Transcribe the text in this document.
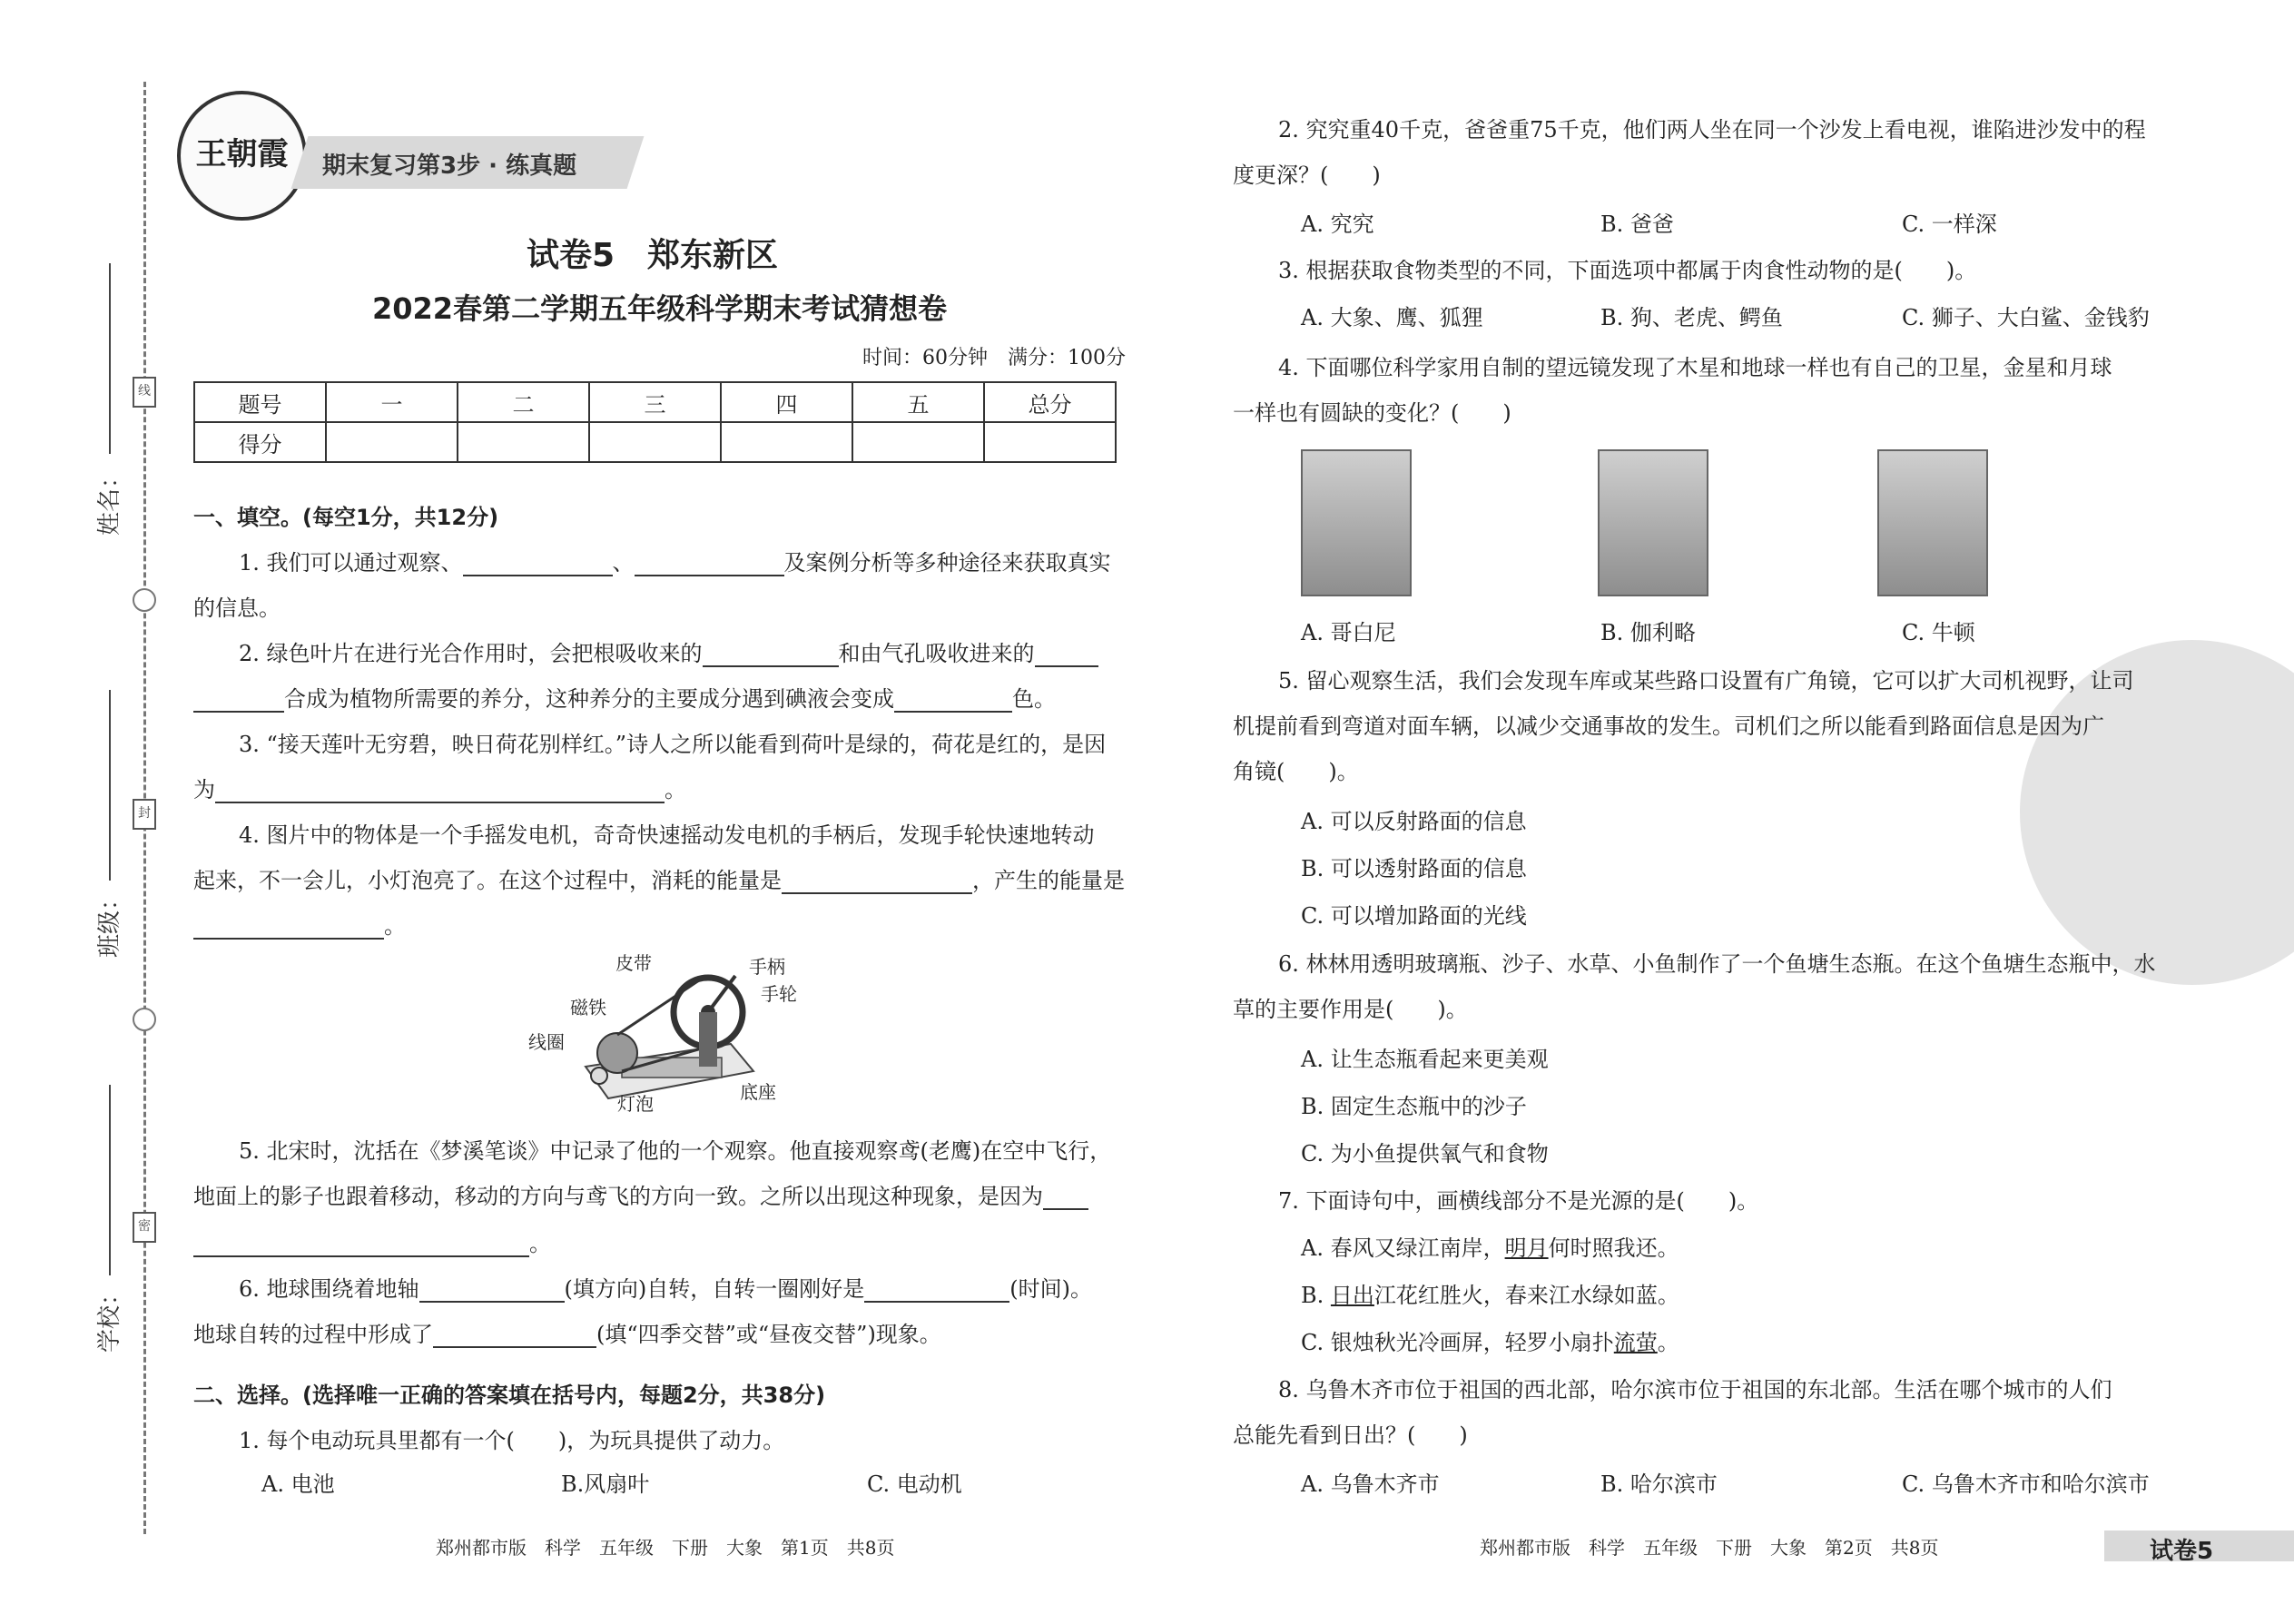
线
封
密
姓名：
班级：
学校：
王朝霞	期末复习第3步 · 练真题
试卷5　郑东新区
2022春第二学期五年级科学期末考试猜想卷
时间：60分钟　满分：100分
题号	一	二	三	四	五	总分
得分						
一、填空。(每空1分，共12分)
1. 我们可以通过观察、	、	及案例分析等多种途径来获取真实
的信息。
2. 绿色叶片在进行光合作用时，会把根吸收来的	和由气孔吸收进来的
合成为植物所需要的养分，这种养分的主要成分遇到碘液会变成	色。
3. “接天莲叶无穷碧，映日荷花别样红。”诗人之所以能看到荷叶是绿的，荷花是红的，是因
为	。
4. 图片中的物体是一个手摇发电机，奇奇快速摇动发电机的手柄后，发现手轮快速地转动
起来，不一会儿，小灯泡亮了。在这个过程中，消耗的能量是	，产生的能量是
。
皮带	手柄
手轮
磁铁
线圈
底座
灯泡
5. 北宋时，沈括在《梦溪笔谈》中记录了他的一个观察。他直接观察鸢(老鹰)在空中飞行，
地面上的影子也跟着移动，移动的方向与鸢飞的方向一致。之所以出现这种现象，是因为
。
6. 地球围绕着地轴	(填方向)自转，自转一圈刚好是	(时间)。
地球自转的过程中形成了	(填“四季交替”或“昼夜交替”)现象。
二、选择。(选择唯一正确的答案填在括号内，每题2分，共38分)
1. 每个电动玩具里都有一个(　　)，为玩具提供了动力。
A. 电池	B.风扇叶	C. 电动机
郑州都市版　科学　五年级　下册　大象　第1页　共8页
2. 究究重40千克，爸爸重75千克，他们两人坐在同一个沙发上看电视，谁陷进沙发中的程
度更深？(　　)
A. 究究	B. 爸爸	C. 一样深
3. 根据获取食物类型的不同，下面选项中都属于肉食性动物的是(　　)。
A. 大象、鹰、狐狸	B. 狗、老虎、鳄鱼	C. 狮子、大白鲨、金钱豹
4. 下面哪位科学家用自制的望远镜发现了木星和地球一样也有自己的卫星，金星和月球
一样也有圆缺的变化？(　　)
A. 哥白尼	B. 伽利略	C. 牛顿
5. 留心观察生活，我们会发现车库或某些路口设置有广角镜，它可以扩大司机视野，让司
机提前看到弯道对面车辆，以减少交通事故的发生。司机们之所以能看到路面信息是因为广
角镜(　　)。
A. 可以反射路面的信息
B. 可以透射路面的信息
C. 可以增加路面的光线
6. 林林用透明玻璃瓶、沙子、水草、小鱼制作了一个鱼塘生态瓶。在这个鱼塘生态瓶中，水
草的主要作用是(　　)。
A. 让生态瓶看起来更美观
B. 固定生态瓶中的沙子
C. 为小鱼提供氧气和食物
7. 下面诗句中，画横线部分不是光源的是(　　)。
A. 春风又绿江南岸，明月何时照我还。
B. 日出江花红胜火，春来江水绿如蓝。
C. 银烛秋光冷画屏，轻罗小扇扑流萤。
8. 乌鲁木齐市位于祖国的西北部，哈尔滨市位于祖国的东北部。生活在哪个城市的人们
总能先看到日出？(　　)
A. 乌鲁木齐市	B. 哈尔滨市	C. 乌鲁木齐市和哈尔滨市
郑州都市版　科学　五年级　下册　大象　第2页　共8页	试卷5
